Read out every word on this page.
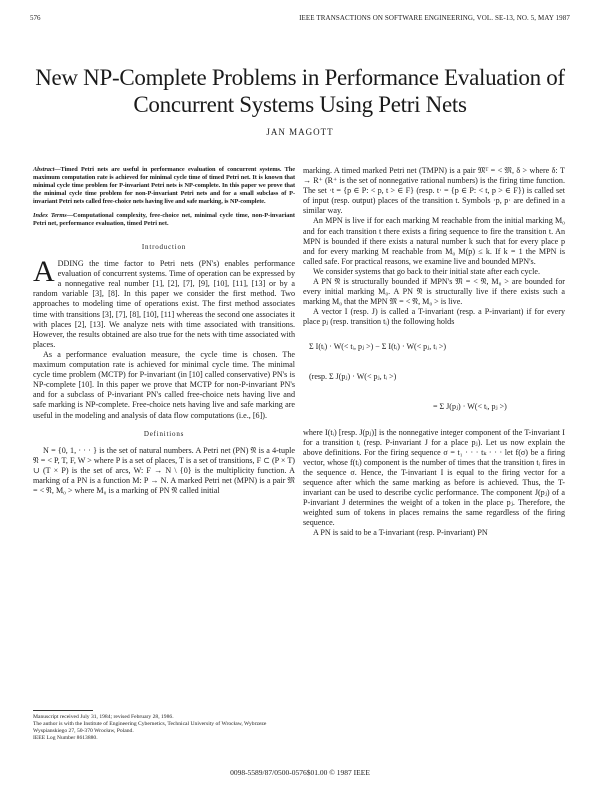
576	IEEE TRANSACTIONS ON SOFTWARE ENGINEERING, VOL. SE-13, NO. 5, MAY 1987
New NP-Complete Problems in Performance Evaluation of Concurrent Systems Using Petri Nets
JAN MAGOTT
Abstract—Timed Petri nets are useful in performance evaluation of concurrent systems. The maximum computation rate is achieved for minimal cycle time of timed Petri net. It is known that minimal cycle time problem for P-invariant Petri nets is NP-complete. In this paper we prove that the minimal cycle time problem for non-P-invariant Petri nets and for a small subclass of P-invariant Petri nets called free-choice nets having live and safe marking, is NP-complete.
Index Terms—Computational complexity, free-choice net, minimal cycle time, non-P-invariant Petri net, performance evaluation, timed Petri net.
Introduction

ADDING the time factor to Petri nets (PN's) enables performance evaluation of concurrent systems. Time of operation can be expressed by a nonnegative real number [1], [2], [7], [9], [10], [11], [13] or by a random variable [3], [8]. In this paper we consider the first method. Two approaches to modeling time of operations exist. The first method associates time with transitions [3], [7], [8], [10], [11] whereas the second one associates it with places [2], [13]. We analyze nets with time associated with transitions. However, the results obtained are also true for the nets with time associated with places.

As a performance evaluation measure, the cycle time is chosen. The maximum computation rate is achieved for minimal cycle time. The minimal cycle time problem (MCTP) for P-invariant (in [10] called conservative) PN's is NP-complete [10]. In this paper we prove that MCTP for non-P-invariant PN's and for a subclass of P-invariant PN's called free-choice nets having live and safe marking is NP-complete. Free-choice nets having live and safe marking are useful in the modeling and analysis of data flow computations (i.e., [6]).

Definitions

N = {0, 1, · · · } is the set of natural numbers. A Petri net (PN) 𝔑 is a 4-tuple 𝔑 = < P, T, F, W > where P is a set of places, T is a set of transitions, F ⊂ (P × T) ∪ (T × P) is the set of arcs, W: F → N \ {0} is the multiplicity function. A marking of a PN is a function M: P → N. A marked Petri net (MPN) is a pair 𝔐 = < 𝔑, M₀ > where M₀ is a marking of PN 𝔑 called initial

Manuscript received July 31, 1984; revised February 28, 1986.
The author is with the Institute of Engineering Cybernetics, Technical University of Wrocław, Wybrzeze Wyspianskiego 27, 50-370 Wrocław, Poland.
IEEE Log Number 8613880.

marking. A timed marked Petri net (TMPN) is a pair 𝔐ᵀ = < 𝔐, δ > where δ: T → R⁺ (R⁺ is the set of nonnegative rational numbers) is the firing time function. The set ·t = {p ∈ P: < p, t > ∈ F} (resp. t· = {p ∈ P: < t, p > ∈ F}) is called set of input (resp. output) places of the transition t. Symbols ·p, p· are defined in a similar way.

An MPN is live if for each marking M reachable from the initial marking M₀ and for each transition t there exists a firing sequence to fire the transition t. An MPN is bounded if there exists a natural number k such that for every place p and for every marking M reachable from M₀ M(p) ≤ k. If k = 1 the MPN is called safe. For practical reasons, we examine live and bounded MPN's.

We consider systems that go back to their initial state after each cycle.

A PN 𝔑 is structurally bounded if MPN's 𝔐 = < 𝔑, M₀ > are bounded for every initial marking M₀. A PN 𝔑 is structurally live if there exists such a marking M₀ that the MPN 𝔐 = < 𝔑, M₀ > is live.

A vector I (resp. J) is called a T-invariant (resp. a P-invariant) if for every place pⱼ (resp. transition tᵢ) the following holds

Σ I(tᵢ) · W(< tᵢ, pⱼ >) − Σ I(tᵢ) · W(< pⱼ, tᵢ >)
(resp. Σ J(pⱼ) · W(< pⱼ, tᵢ >)
= Σ J(pⱼ) · W(< tᵢ, pⱼ >)

where I(tᵢ) [resp. J(pⱼ)] is the nonnegative integer component of the T-invariant I for a transition tᵢ (resp. P-invariant J for a place pⱼ). Let us now explain the above definitions. For the firing sequence σ = t₁ · · · tₖ · · · let f(σ) be a firing vector, whose f(tᵢ) component is the number of times that the transition tᵢ fires in the sequence σ. Hence, the T-invariant I is equal to the firing vector for a sequence after which the same marking as before is achieved. Thus, the T-invariant can be used to describe cyclic performance. The component J(pⱼ) of a P-invariant J determines the weight of a token in the place pⱼ. Therefore, the weighted sum of tokens in places remains the same regardless of the firing sequence.

A PN is said to be a T-invariant (resp. P-invariant) PN

0098-5589/87/0500-0576$01.00 © 1987 IEEE
